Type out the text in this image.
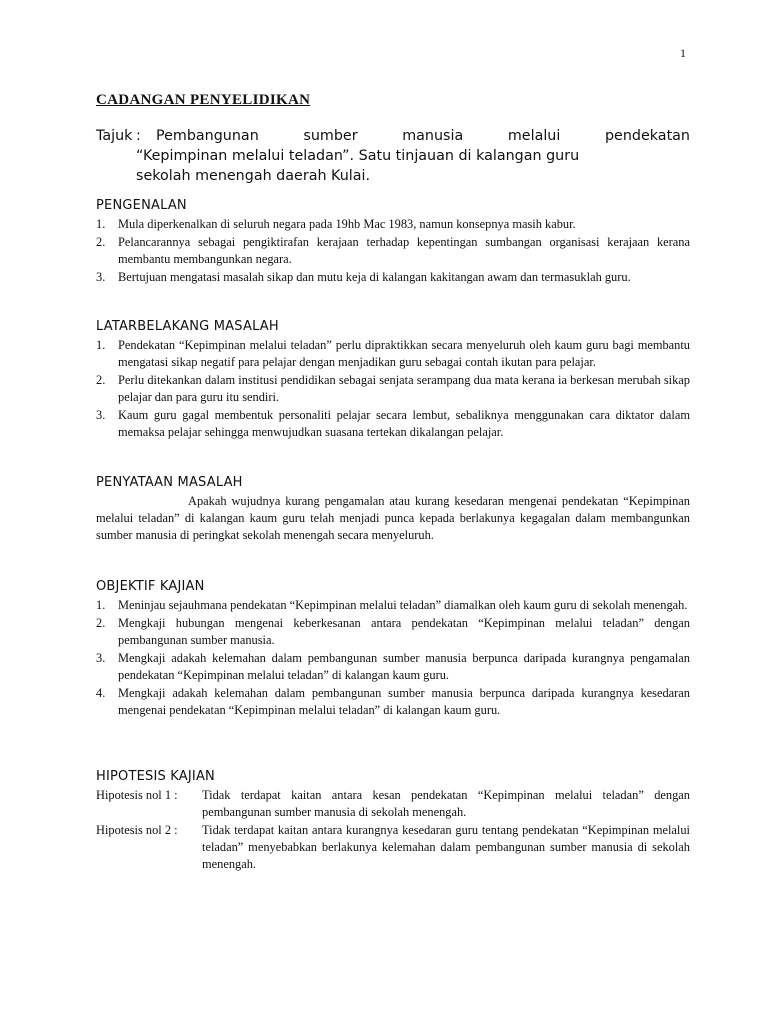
1
CADANGAN PENYELIDIKAN
Tajuk :	Pembangunan sumber manusia melalui pendekatan
“Kepimpinan melalui teladan”. Satu tinjauan di kalangan guru
sekolah menengah daerah Kulai.
PENGENALAN
1.	Mula diperkenalkan di seluruh negara pada 19hb Mac 1983, namun konsepnya masih kabur.
2.	Pelancarannya sebagai pengiktirafan kerajaan terhadap kepentingan sumbangan organisasi kerajaan kerana membantu membangunkan negara.
3.	Bertujuan mengatasi masalah sikap dan mutu keja di kalangan kakitangan awam dan termasuklah guru.
LATARBELAKANG MASALAH
1.	Pendekatan “Kepimpinan melalui teladan” perlu dipraktikkan secara menyeluruh oleh kaum guru bagi membantu mengatasi sikap negatif para pelajar dengan menjadikan guru sebagai contah ikutan para pelajar.
2.	Perlu ditekankan dalam institusi pendidikan sebagai senjata serampang dua mata kerana ia berkesan merubah sikap pelajar dan para guru itu sendiri.
3.	Kaum guru gagal membentuk personaliti pelajar secara lembut, sebaliknya menggunakan cara diktator dalam memaksa pelajar sehingga menwujudkan suasana tertekan dikalangan pelajar.
PENYATAAN MASALAH
Apakah wujudnya kurang pengamalan atau kurang kesedaran mengenai pendekatan “Kepimpinan melalui teladan” di kalangan kaum guru telah menjadi punca kepada berlakunya kegagalan dalam membangunkan sumber manusia di peringkat sekolah menengah secara menyeluruh.
OBJEKTIF KAJIAN
1.	Meninjau sejauhmana pendekatan “Kepimpinan melalui teladan” diamalkan oleh kaum guru di sekolah menengah.
2.	Mengkaji hubungan mengenai keberkesanan antara pendekatan “Kepimpinan melalui teladan” dengan pembangunan sumber manusia.
3.	Mengkaji adakah kelemahan dalam pembangunan sumber manusia berpunca daripada kurangnya pengamalan pendekatan “Kepimpinan melalui teladan” di kalangan kaum guru.
4.	Mengkaji adakah kelemahan dalam pembangunan sumber manusia berpunca daripada kurangnya kesedaran mengenai pendekatan “Kepimpinan melalui teladan” di kalangan kaum guru.
HIPOTESIS KAJIAN
Hipotesis nol 1 :	Tidak terdapat kaitan antara kesan pendekatan “Kepimpinan melalui teladan” dengan pembangunan sumber manusia di sekolah menengah.
Hipotesis nol 2 :	Tidak terdapat kaitan antara kurangnya kesedaran guru tentang pendekatan “Kepimpinan melalui teladan” menyebabkan berlakunya kelemahan dalam pembangunan sumber manusia di sekolah menengah.
